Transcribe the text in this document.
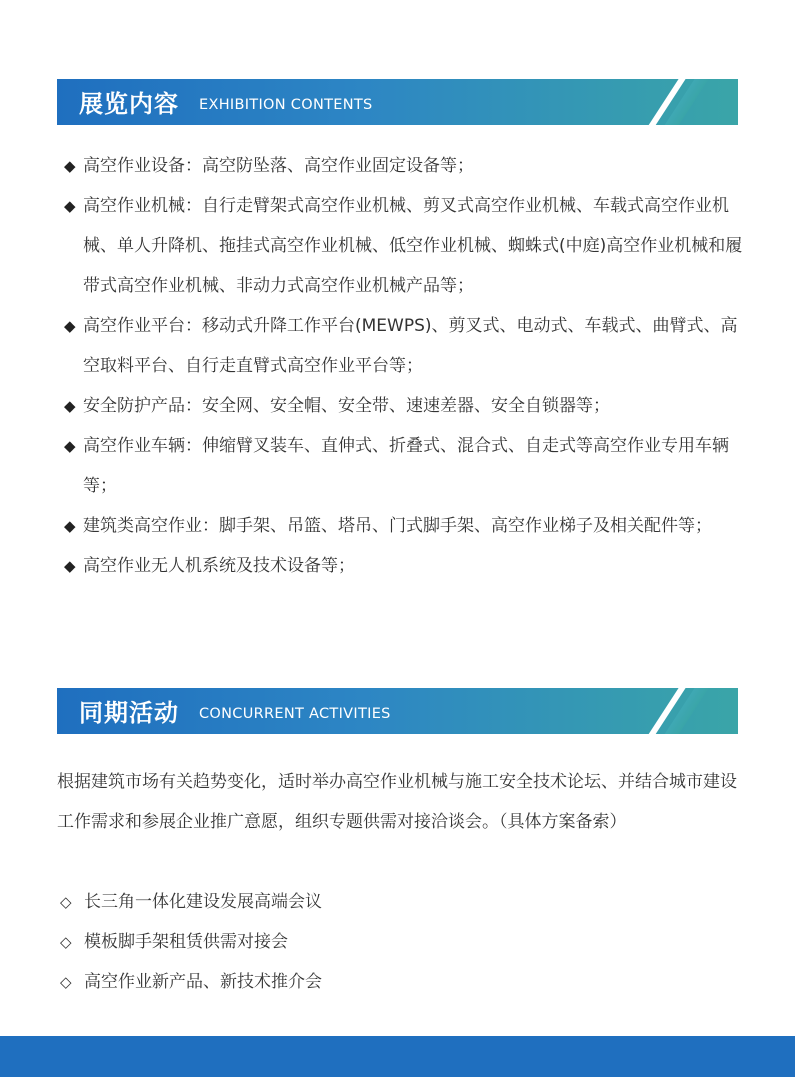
展览内容 EXHIBITION CONTENTS
◆ 高空作业设备：高空防坠落、高空作业固定设备等；
◆ 高空作业机械：自行走臂架式高空作业机械、剪叉式高空作业机械、车载式高空作业机械、单人升降机、拖挂式高空作业机械、低空作业机械、蜘蛛式(中庭)高空作业机械和履带式高空作业机械、非动力式高空作业机械产品等；
◆ 高空作业平台：移动式升降工作平台(MEWPS)、剪叉式、电动式、车载式、曲臂式、高空取料平台、自行走直臂式高空作业平台等；
◆ 安全防护产品：安全网、安全帽、安全带、速速差器、安全自锁器等；
◆ 高空作业车辆：伸缩臂叉装车、直伸式、折叠式、混合式、自走式等高空作业专用车辆等；
◆ 建筑类高空作业：脚手架、吊篮、塔吊、门式脚手架、高空作业梯子及相关配件等；
◆ 高空作业无人机系统及技术设备等；
同期活动 CONCURRENT ACTIVITIES

根据建筑市场有关趋势变化，适时举办高空作业机械与施工安全技术论坛、并结合城市建设工作需求和参展企业推广意愿，组织专题供需对接洽谈会。（具体方案备索）

◇ 长三角一体化建设发展高端会议
◇ 模板脚手架租赁供需对接会
◇ 高空作业新产品、新技术推介会
